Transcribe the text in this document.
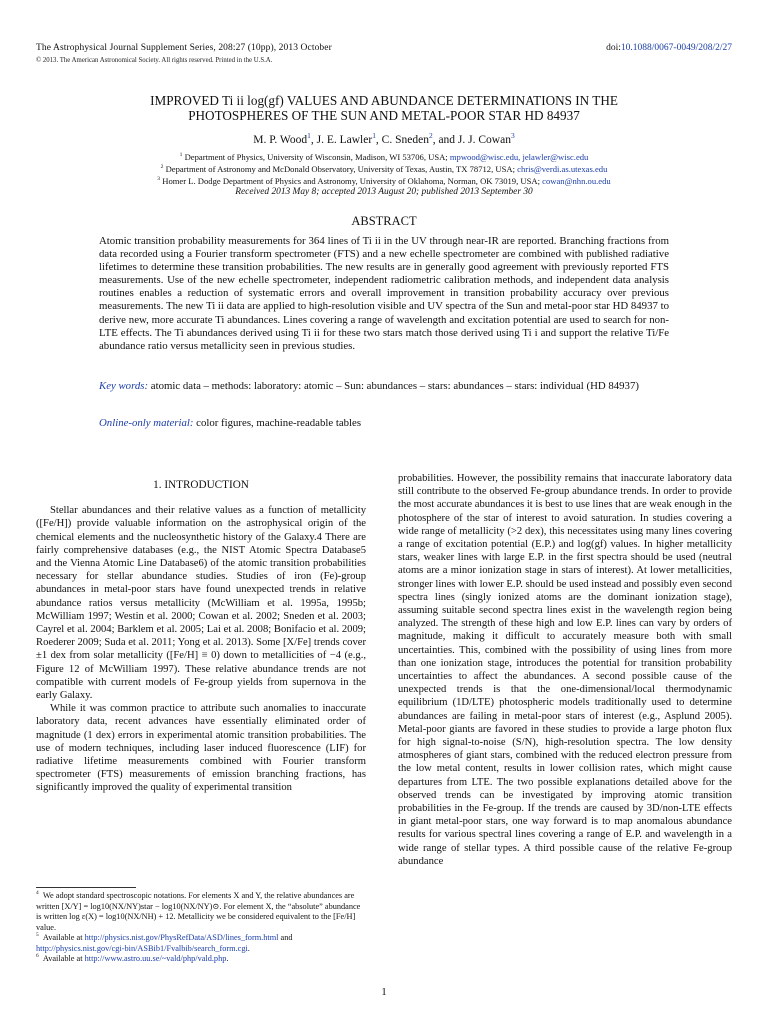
The Astrophysical Journal Supplement Series, 208:27 (10pp), 2013 October	doi:10.1088/0067-0049/208/2/27
© 2013. The American Astronomical Society. All rights reserved. Printed in the U.S.A.
IMPROVED Ti ii log(gf) VALUES AND ABUNDANCE DETERMINATIONS IN THE
PHOTOSPHERES OF THE SUN AND METAL-POOR STAR HD 84937
M. P. Wood$^1$, J. E. Lawler$^1$, C. Sneden$^2$, and J. J. Cowan$^3$
$^1$ Department of Physics, University of Wisconsin, Madison, WI 53706, USA; mpwood@wisc.edu, jelawler@wisc.edu
$^2$ Department of Astronomy and McDonald Observatory, University of Texas, Austin, TX 78712, USA; chris@verdi.as.utexas.edu
$^3$ Homer L. Dodge Department of Physics and Astronomy, University of Oklahoma, Norman, OK 73019, USA; cowan@nhn.ou.edu
Received 2013 May 8; accepted 2013 August 20; published 2013 September 30
ABSTRACT
Atomic transition probability measurements for 364 lines of Ti ii in the UV through near-IR are reported. Branching fractions from data recorded using a Fourier transform spectrometer (FTS) and a new echelle spectrometer are combined with published radiative lifetimes to determine these transition probabilities. The new results are in generally good agreement with previously reported FTS measurements. Use of the new echelle spectrometer, independent radiometric calibration methods, and independent data analysis routines enables a reduction of systematic errors and overall improvement in transition probability accuracy over previous measurements. The new Ti ii data are applied to high-resolution visible and UV spectra of the Sun and metal-poor star HD 84937 to derive new, more accurate Ti abundances. Lines covering a range of wavelength and excitation potential are used to search for non-LTE effects. The Ti abundances derived using Ti ii for these two stars match those derived using Ti i and support the relative Ti/Fe abundance ratio versus metallicity seen in previous studies.
Key words: atomic data – methods: laboratory: atomic – Sun: abundances – stars: abundances – stars: individual (HD 84937)
Online-only material: color figures, machine-readable tables
1. INTRODUCTION

Stellar abundances and their relative values as a function of metallicity ([Fe/H]) provide valuable information on the astrophysical origin of the chemical elements and the nucleosynthetic history of the Galaxy.4 There are fairly comprehensive databases (e.g., the NIST Atomic Spectra Database5 and the Vienna Atomic Line Database6) of the atomic transition probabilities necessary for stellar abundance studies. Studies of iron (Fe)-group abundances in metal-poor stars have found unexpected trends in relative abundance ratios versus metallicity (McWilliam et al. 1995a, 1995b; McWilliam 1997; Westin et al. 2000; Cowan et al. 2002; Sneden et al. 2003; Cayrel et al. 2004; Barklem et al. 2005; Lai et al. 2008; Bonifacio et al. 2009; Roederer 2009; Suda et al. 2011; Yong et al. 2013). Some [X/Fe] trends cover ±1 dex from solar metallicity ([Fe/H] ≡ 0) down to metallicities of −4 (e.g., Figure 12 of McWilliam 1997). These relative abundance trends are not compatible with current models of Fe-group yields from supernova in the early Galaxy.

While it was common practice to attribute such anomalies to inaccurate laboratory data, recent advances have essentially eliminated order of magnitude (1 dex) errors in experimental atomic transition probabilities. The use of modern techniques, including laser induced fluorescence (LIF) for radiative lifetime measurements combined with Fourier transform spectrometer (FTS) measurements of emission branching fractions, has significantly improved the quality of experimental transition

probabilities. However, the possibility remains that inaccurate laboratory data still contribute to the observed Fe-group abundance trends. In order to provide the most accurate abundances it is best to use lines that are weak enough in the photosphere of the star of interest to avoid saturation. In studies covering a wide range of metallicity (>2 dex), this necessitates using many lines covering a range of excitation potential (E.P.) and log(gf) values. In higher metallicity stars, weaker lines with large E.P. in the first spectra should be used (neutral atoms are a minor ionization stage in stars of interest). At lower metallicities, stronger lines with lower E.P. should be used instead and possibly even second spectra lines (singly ionized atoms are the dominant ionization stage), assuming suitable second spectra lines exist in the wavelength region being analyzed. The strength of these high and low E.P. lines can vary by orders of magnitude, making it difficult to accurately measure both with small uncertainties. This, combined with the possibility of using lines from more than one ionization stage, introduces the potential for transition probability uncertainties to affect the abundances. A second possible cause of the unexpected trends is that the one-dimensional/local thermodynamic equilibrium (1D/LTE) photospheric models traditionally used to determine abundances are failing in metal-poor stars of interest (e.g., Asplund 2005). Metal-poor giants are favored in these studies to provide a large photon flux for high signal-to-noise (S/N), high-resolution spectra. The low density atmospheres of giant stars, combined with the reduced electron pressure from the low metal content, results in lower collision rates, which might cause departures from LTE. The two possible explanations detailed above for the observed trends can be investigated by improving atomic transition probabilities in the Fe-group. If the trends are caused by 3D/non-LTE effects in giant metal-poor stars, one way forward is to map anomalous abundance results for various spectral lines covering a range of E.P. and wavelength in a wide range of stellar types. A third possible cause of the relative Fe-group abundance

$^4$ We adopt standard spectroscopic notations. For elements X and Y, the relative abundances are written [X/Y] = log10(NX/NY)star − log10(NX/NY)⊙. For element X, the “absolute” abundance is written log ε(X) = log10(NX/NH) + 12. Metallicity we be considered equivalent to the [Fe/H] value.
$^5$ Available at http://physics.nist.gov/PhysRefData/ASD/lines_form.html and http://physics.nist.gov/cgi-bin/ASBib1/Fvalbib/search_form.cgi.
$^6$ Available at http://www.astro.uu.se/~vald/php/vald.php.
1
